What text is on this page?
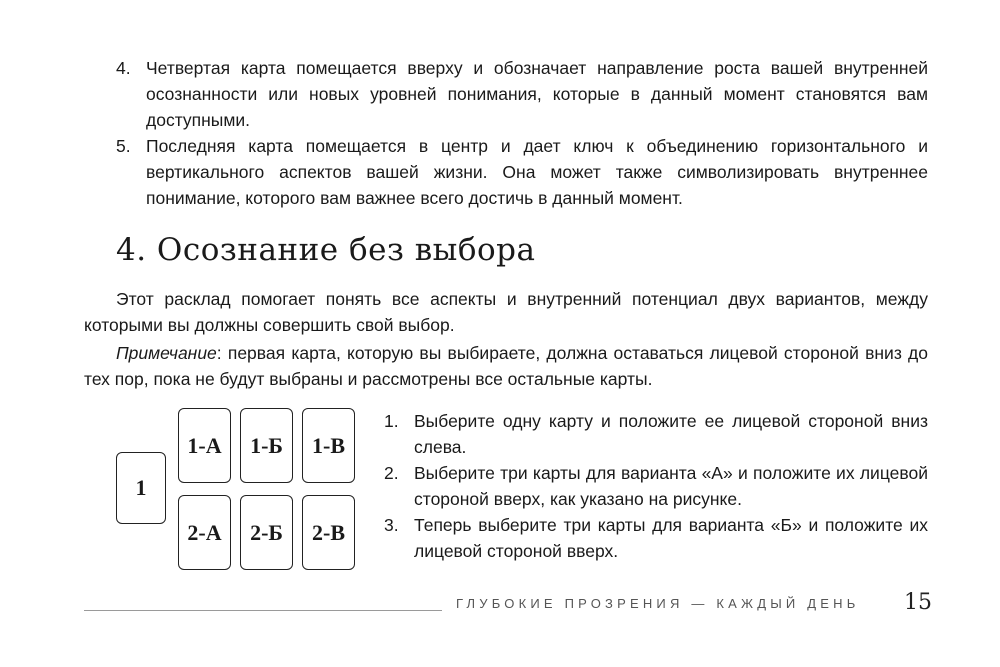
4. Четвертая карта помещается вверху и обозначает направление роста вашей внутренней осознанности или новых уровней понимания, которые в данный момент становятся вам доступными.
5. Последняя карта помещается в центр и дает ключ к объединению горизонтального и вертикального аспектов вашей жизни. Она может также символизировать внутреннее понимание, которого вам важнее всего достичь в данный момент.
4. Осознание без выбора

Этот расклад помогает понять все аспекты и внутренний потенциал двух вариантов, между которыми вы должны совершить свой выбор.

Примечание: первая карта, которую вы выбираете, должна оставаться лицевой стороной вниз до тех пор, пока не будут выбраны и рассмотрены все остальные карты.

1
1-А	1-Б	1-В
2-А	2-Б	2-В
1. Выберите одну карту и положите ее лицевой стороной вниз слева.
2. Выберите три карты для варианта «А» и положите их лицевой стороной вверх, как указано на рисунке.
3. Теперь выберите три карты для варианта «Б» и положите их лицевой стороной вверх.
ГЛУБОКИЕ ПРОЗРЕНИЯ — КАЖДЫЙ ДЕНЬ 15
